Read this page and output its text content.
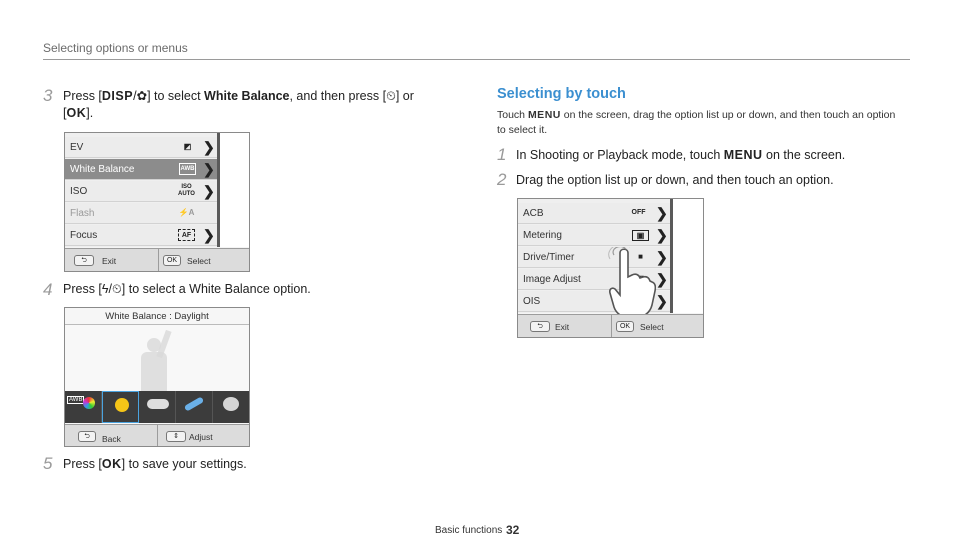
Selecting options or menus
3 Press [DISP/✿] to select White Balance, and then press [⏲] or
[OK].
EV	◩ ❯
White Balance	AWB ❯
ISO	ISO AUTO ❯
Flash	⚡A
Focus	AF ❯
⮌	Exit	OK	Select
4 Press [ϟ/⏲] to select a White Balance option.
White Balance : Daylight
AWB
⮌	Back	⇕	Adjust
5 Press [OK] to save your settings.
Selecting by touch
Touch MENU on the screen, drag the option list up or down, and then touch an option to select it.
1 In Shooting or Playback mode, touch MENU on the screen.
2 Drag the option list up or down, and then touch an option.
ACB	OFF ❯
Metering	▣ ❯
Drive/Timer	■ ❯
Image Adjust	❯
OIS	❯
⮌	Exit	OK	Select
Basic functions 32
